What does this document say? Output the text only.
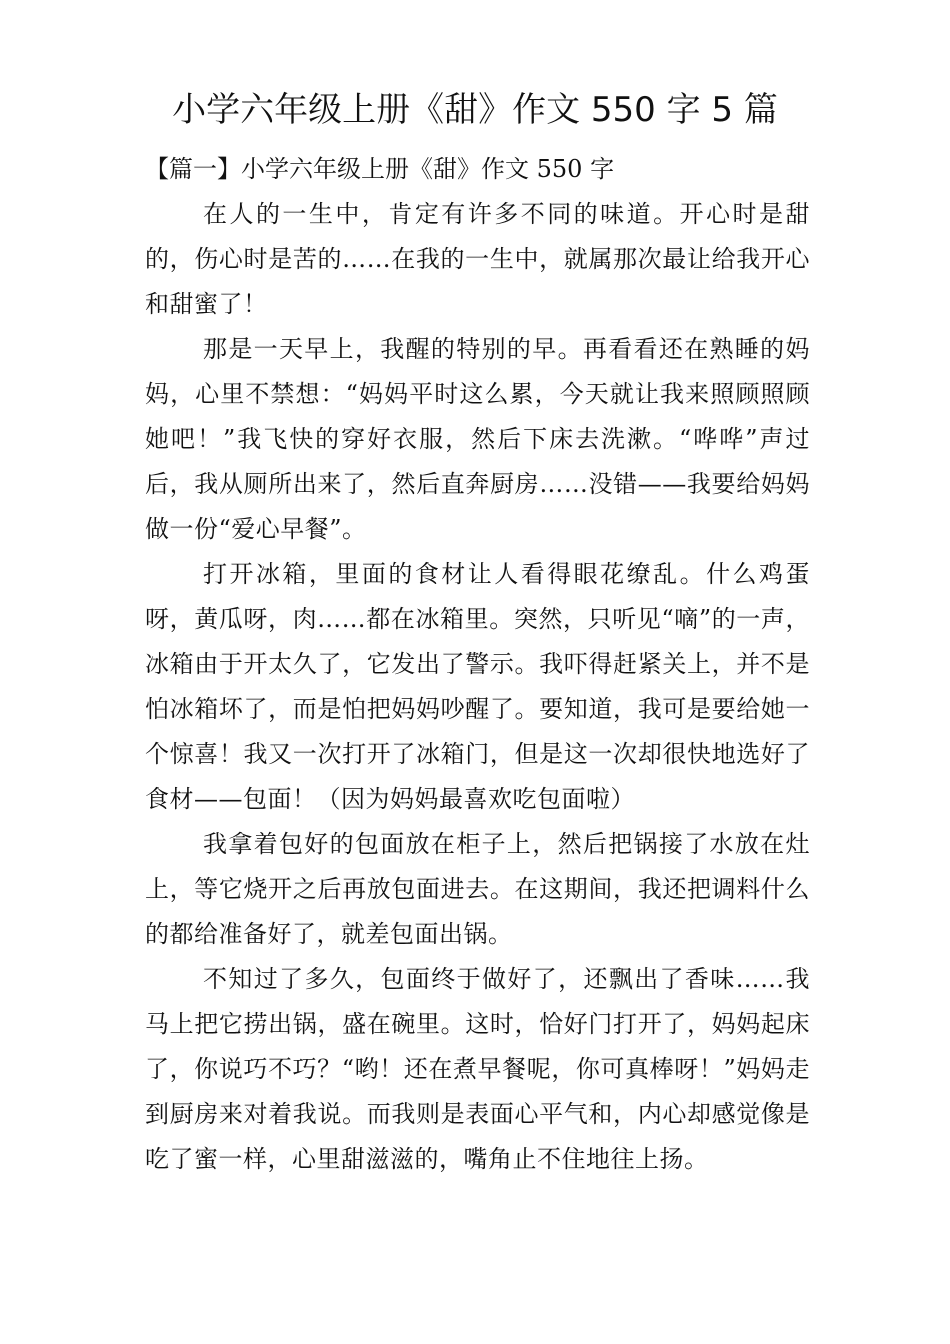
小学六年级上册《甜》作文 550 字 5 篇
【篇一】小学六年级上册《甜》作文 550 字

在人的一生中，肯定有许多不同的味道。开心时是甜的，伤心时是苦的……在我的一生中，就属那次最让给我开心和甜蜜了！

那是一天早上，我醒的特别的早。再看看还在熟睡的妈妈，心里不禁想：“妈妈平时这么累，今天就让我来照顾照顾她吧！”我飞快的穿好衣服，然后下床去洗漱。“哗哗”声过后，我从厕所出来了，然后直奔厨房……没错——我要给妈妈做一份“爱心早餐”。

打开冰箱，里面的食材让人看得眼花缭乱。什么鸡蛋呀，黄瓜呀，肉……都在冰箱里。突然，只听见“嘀”的一声，冰箱由于开太久了，它发出了警示。我吓得赶紧关上，并不是怕冰箱坏了，而是怕把妈妈吵醒了。要知道，我可是要给她一个惊喜！我又一次打开了冰箱门，但是这一次却很快地选好了食材——包面！（因为妈妈最喜欢吃包面啦）

我拿着包好的包面放在柜子上，然后把锅接了水放在灶上，等它烧开之后再放包面进去。在这期间，我还把调料什么的都给准备好了，就差包面出锅。

不知过了多久，包面终于做好了，还飘出了香味……我马上把它捞出锅，盛在碗里。这时，恰好门打开了，妈妈起床了，你说巧不巧？“哟！还在煮早餐呢，你可真棒呀！”妈妈走到厨房来对着我说。而我则是表面心平气和，内心却感觉像是吃了蜜一样，心里甜滋滋的，嘴角止不住地往上扬。
